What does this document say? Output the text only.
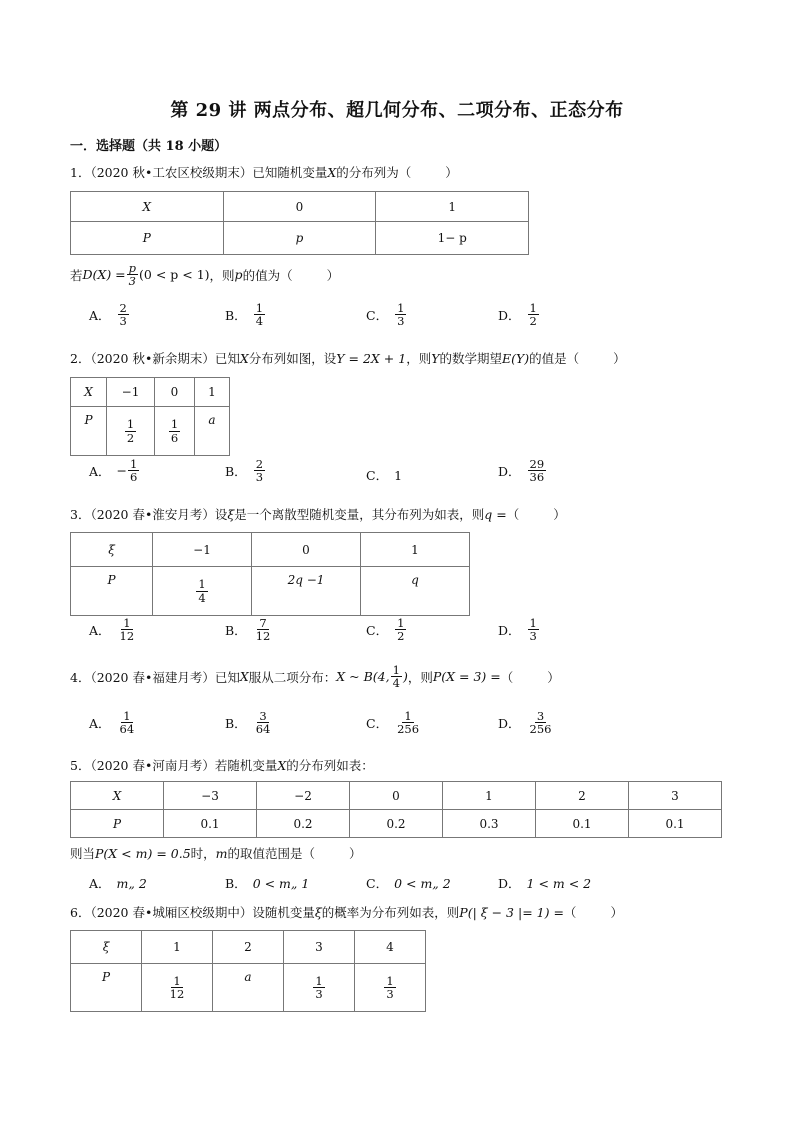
第 29 讲 两点分布、超几何分布、二项分布、正态分布
一．选择题（共 18 小题）
1．（2020 秋•工农区校级期末）已知随机变量X的分布列为（	）
X	0	1
P	p	1− p
若 $D(X) = \frac{p}{3} (0 < p < 1)$ ，则 p 的值为（	）
A． $\frac{2}{3}$	B． $\frac{1}{4}$	C． $\frac{1}{3}$	D． $\frac{1}{2}$
2．（2020 秋•新余期末）已知X分布列如图，设Y = 2X + 1，则Y的数学期望E(Y)的值是（	）
X	−1	0	1
P	$\frac{1}{2}$	$\frac{1}{6}$	a
A． − $\frac{1}{6}$	B． $\frac{2}{3}$	C． 1	D． $\frac{29}{36}$
3．（2020 春•淮安月考）设ξ是一个离散型随机变量，其分布列为如表，则q =（	）
ξ	−1	0	1
P	$\frac{1}{4}$	2q −1	q
A． $\frac{1}{12}$	B． $\frac{7}{12}$	C． $\frac{1}{2}$	D． $\frac{1}{3}$
4．（2020 春•福建月考）已知 X 服从二项分布： X ~ B(4, $\frac{1}{4}$ ) ，则 P(X = 3) = （	）
A． $\frac{1}{64}$	B． $\frac{3}{64}$	C． $\frac{1}{256}$	D． $\frac{3}{256}$
5．（2020 春•河南月考）若随机变量X的分布列如表：
X	−3	−2	0	1	2	3
P	0.1	0.2	0.2	0.3	0.1	0.1
则当P(X < m) = 0.5时，m的取值范围是（	）
A． m„ 2	B． 0 < m„ 1	C． 0 < m„ 2	D． 1 < m < 2
6．（2020 春•城厢区校级期中）设随机变量ξ的概率为分布列如表，则P(| ξ − 3 |= 1) =（	）
ξ	1	2	3	4
P	$\frac{1}{12}$	a	$\frac{1}{3}$	$\frac{1}{3}$
